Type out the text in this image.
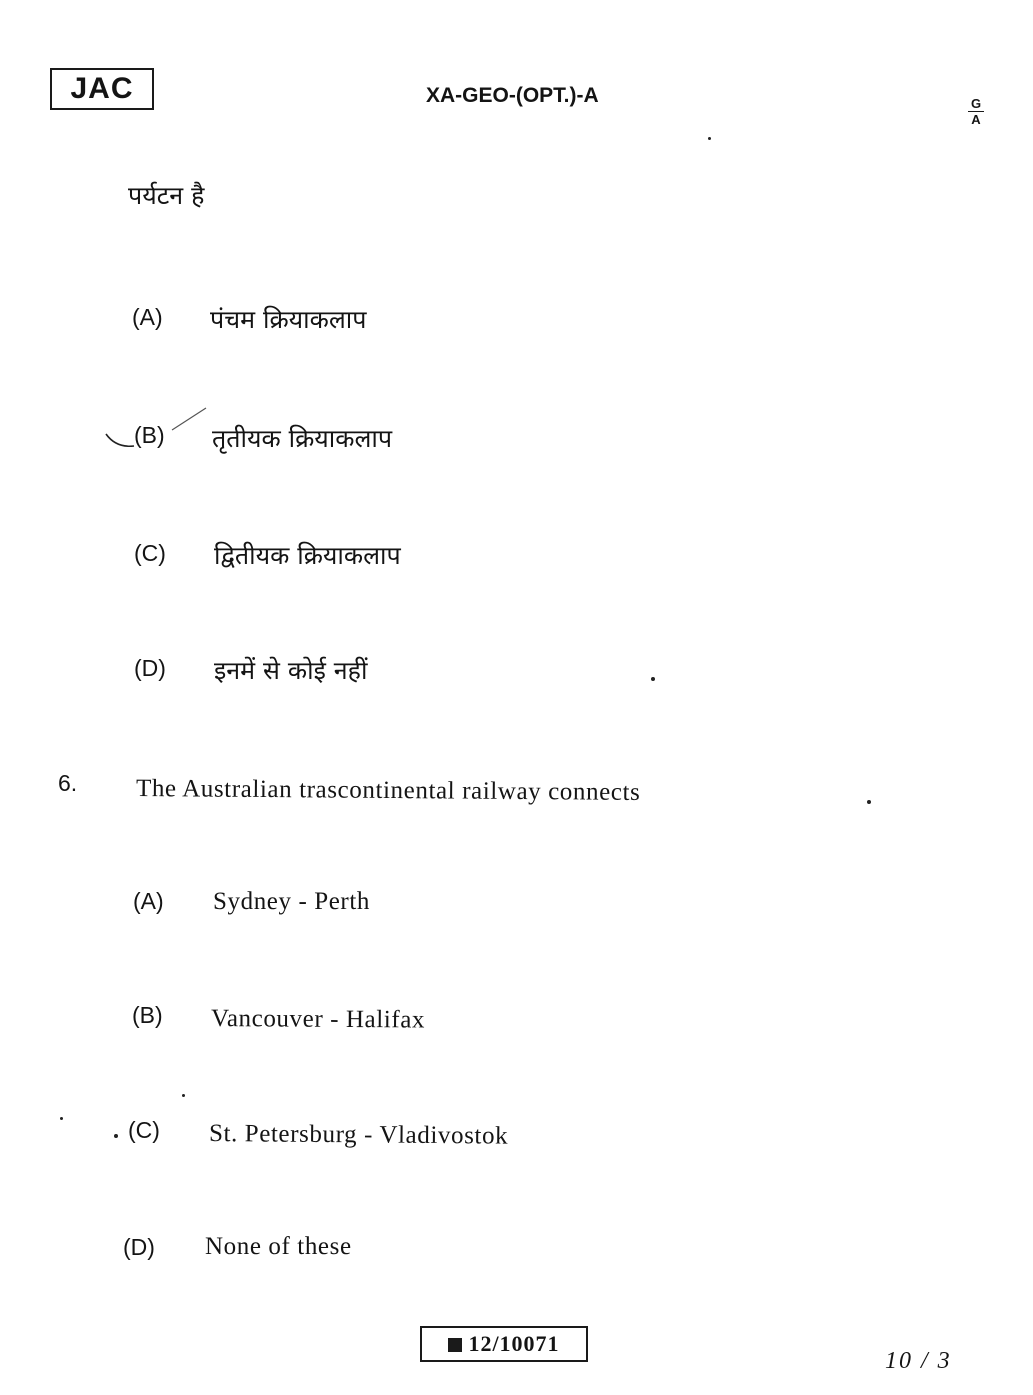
JAC	XA-GEO-(OPT.)-A	G
A
पर्यटन है
(A) पंचम क्रियाकलाप
(B) तृतीयक क्रियाकलाप
(C) द्वितीयक क्रियाकलाप
(D) इनमें से कोई नहीं
6. The Australian trascontinental railway connects
(A) Sydney - Perth
(B) Vancouver - Halifax
(C) St. Petersburg - Vladivostok
(D) None of these
12/10071
10 / 3
